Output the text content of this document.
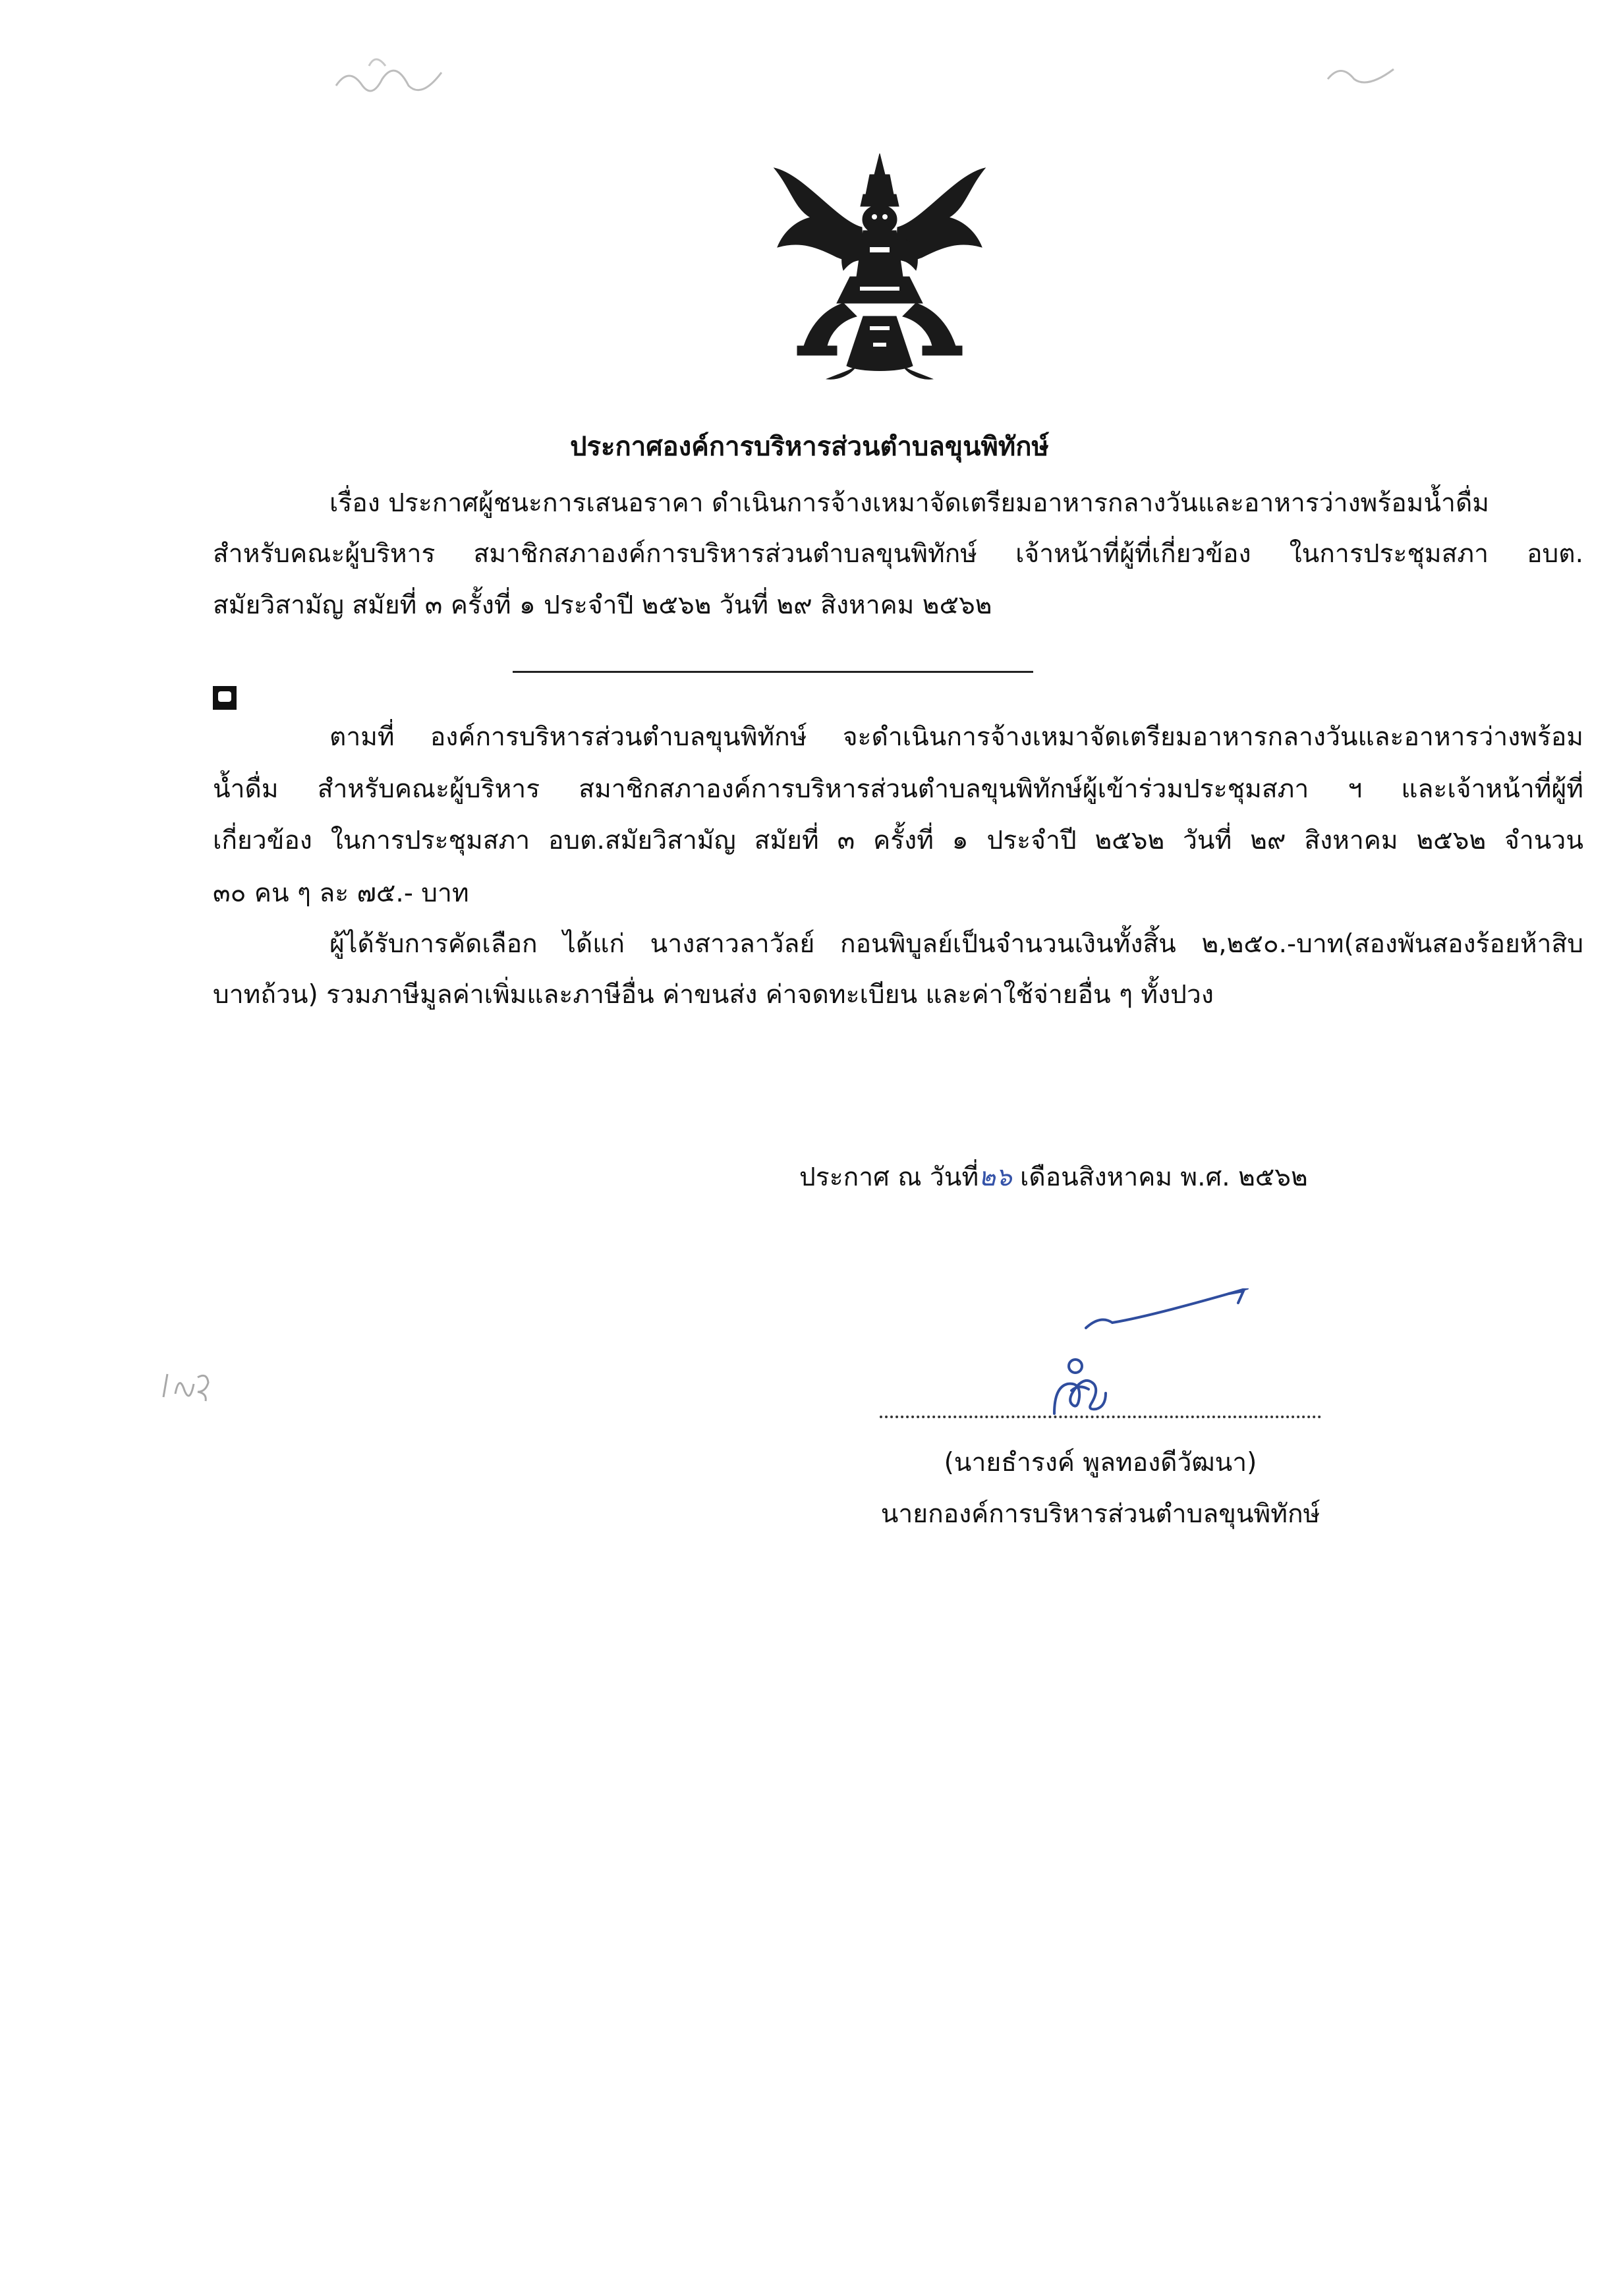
ประกาศองค์การบริหารส่วนตำบลขุนพิทักษ์
เรื่อง ประกาศผู้ชนะการเสนอราคา ดำเนินการจ้างเหมาจัดเตรียมอาหารกลางวันและอาหารว่างพร้อมน้ำดื่ม
สำหรับคณะผู้บริหาร สมาชิกสภาองค์การบริหารส่วนตำบลขุนพิทักษ์ เจ้าหน้าที่ผู้ที่เกี่ยวข้อง ในการประชุมสภา อบต.
สมัยวิสามัญ สมัยที่ ๓ ครั้งที่ ๑ ประจำปี ๒๕๖๒ วันที่ ๒๙ สิงหาคม ๒๕๖๒
ตามที่ องค์การบริหารส่วนตำบลขุนพิทักษ์ จะดำเนินการจ้างเหมาจัดเตรียมอาหารกลางวันและอาหารว่างพร้อม
น้ำดื่ม สำหรับคณะผู้บริหาร สมาชิกสภาองค์การบริหารส่วนตำบลขุนพิทักษ์ผู้เข้าร่วมประชุมสภา ฯ และเจ้าหน้าที่ผู้ที่
เกี่ยวข้อง ในการประชุมสภา อบต.สมัยวิสามัญ สมัยที่ ๓ ครั้งที่ ๑ ประจำปี ๒๕๖๒ วันที่ ๒๙ สิงหาคม ๒๕๖๒ จำนวน
๓๐ คน ๆ ละ ๗๕.- บาท
ผู้ได้รับการคัดเลือก ได้แก่ นางสาวลาวัลย์ กอนพิบูลย์เป็นจำนวนเงินทั้งสิ้น ๒,๒๕๐.-บาท(สองพันสองร้อยห้าสิบ
บาทถ้วน) รวมภาษีมูลค่าเพิ่มและภาษีอื่น ค่าขนส่ง ค่าจดทะเบียน และค่าใช้จ่ายอื่น ๆ ทั้งปวง
ประกาศ ณ วันที่๒๖ เดือนสิงหาคม พ.ศ. ๒๕๖๒
(นายธำรงค์ พูลทองดีวัฒนา)
นายกองค์การบริหารส่วนตำบลขุนพิทักษ์
